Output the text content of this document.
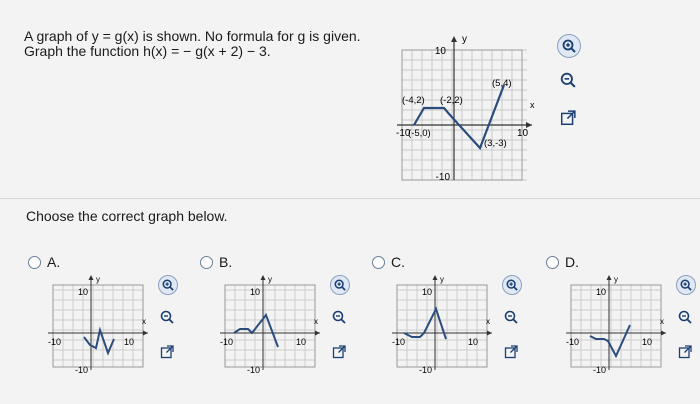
A graph of y = g(x) is shown. No formula for g is given.
Graph the function h(x) = − g(x + 2) − 3.
y
x
10
-10
-10	10
(-4,2) (-2,2)
(5,4)
(-5,0)
(3,-3)
Choose the correct graph below.
A.
y
x
10
-10
-10	10
B.
y
x
10
-10
-10	10
C.
y
x
10
-10
-10	10
D.
y
x
10
-10
-10	10
